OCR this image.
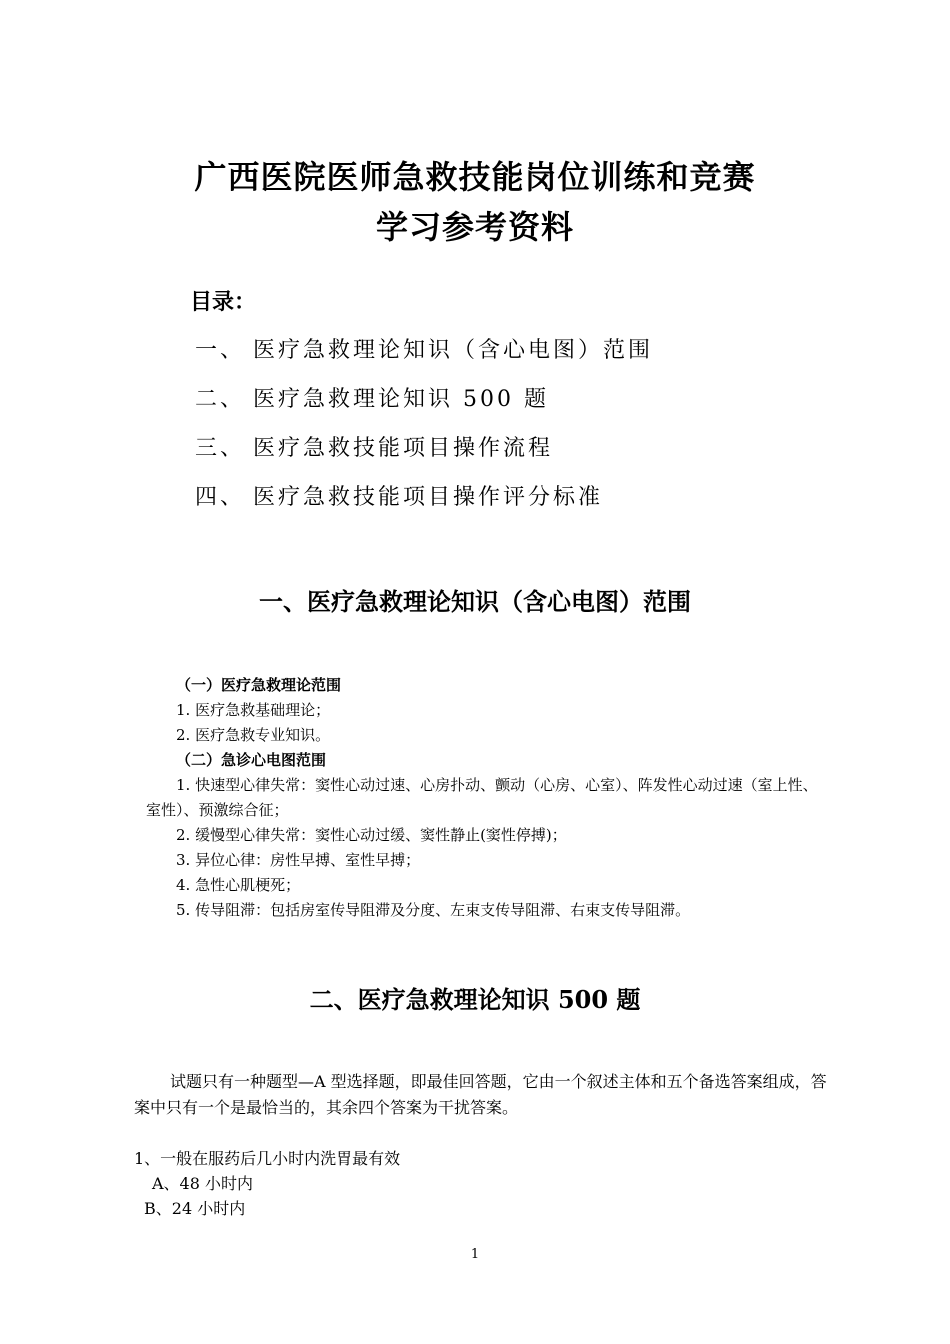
广西医院医师急救技能岗位训练和竞赛
学习参考资料
目录：
一、 医疗急救理论知识（含心电图）范围
二、 医疗急救理论知识 500 题
三、 医疗急救技能项目操作流程
四、 医疗急救技能项目操作评分标准
一、医疗急救理论知识（含心电图）范围
（一）医疗急救理论范围
1. 医疗急救基础理论；
2. 医疗急救专业知识。
（二）急诊心电图范围
1. 快速型心律失常：窦性心动过速、心房扑动、颤动（心房、心室）、阵发性心动过速（室上性、
室性）、预激综合征；
2. 缓慢型心律失常：窦性心动过缓、窦性静止(窦性停搏)；
3. 异位心律：房性早搏、室性早搏；
4. 急性心肌梗死；
5. 传导阻滞：包括房室传导阻滞及分度、左束支传导阻滞、右束支传导阻滞。
二、医疗急救理论知识 500 题
试题只有一种题型—A 型选择题，即最佳回答题，它由一个叙述主体和五个备选答案组成，答案中只有一个是最恰当的，其余四个答案为干扰答案。
1、一般在服药后几小时内洗胃最有效
A、48 小时内
B、24 小时内
1
